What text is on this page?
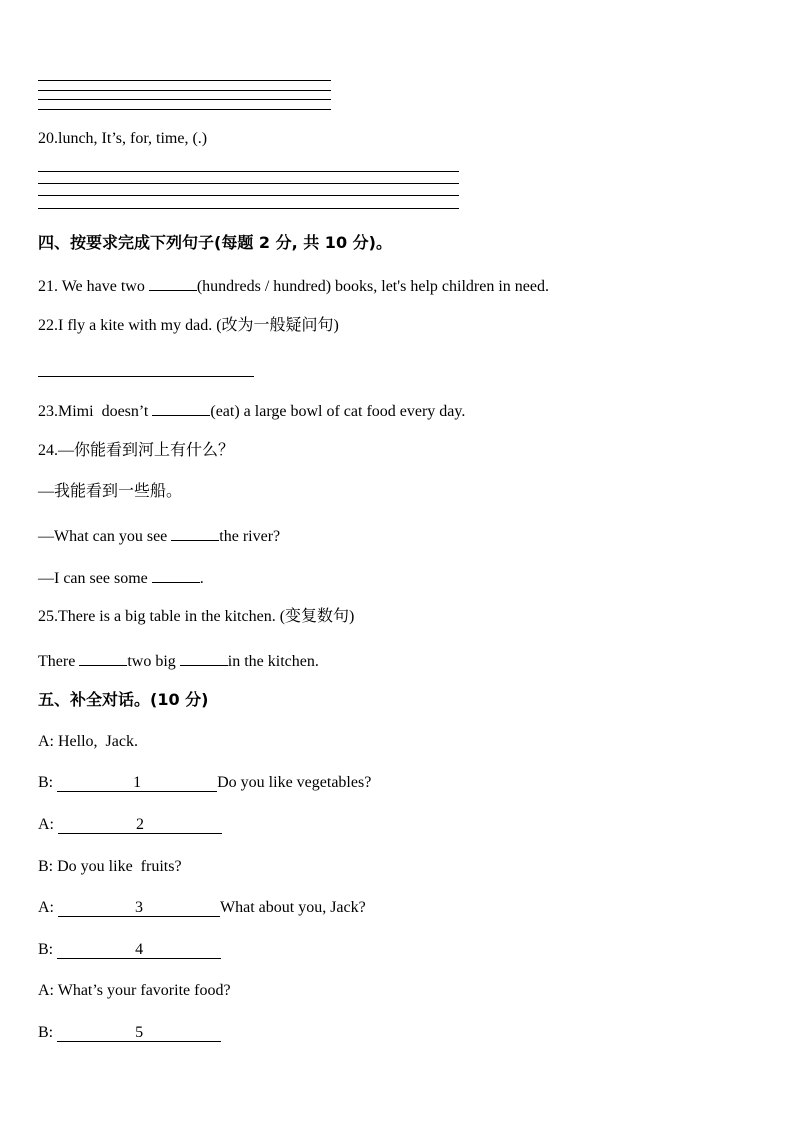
20.lunch, It’s, for, time, (.)
四、按要求完成下列句子(每题 2 分, 共 10 分)。
21. We have two	(hundreds / hundred) books, let's help children in need.
22.I fly a kite with my dad. (改为一般疑问句)
23.Mimi  doesn’t	(eat) a large bowl of cat food every day.
24.—你能看到河上有什么？
—我能看到一些船。
—What can you see	the river?
—I can see some	.
25.There is a big table in the kitchen. (变复数句)
There	two big	in the kitchen.
五、补全对话。(10 分)
A: Hello,  Jack.
B:	1	Do you like vegetables?
A:	2
B: Do you like  fruits?
A:	3	What about you, Jack?
B:	4
A: What’s your favorite food?
B:	5
